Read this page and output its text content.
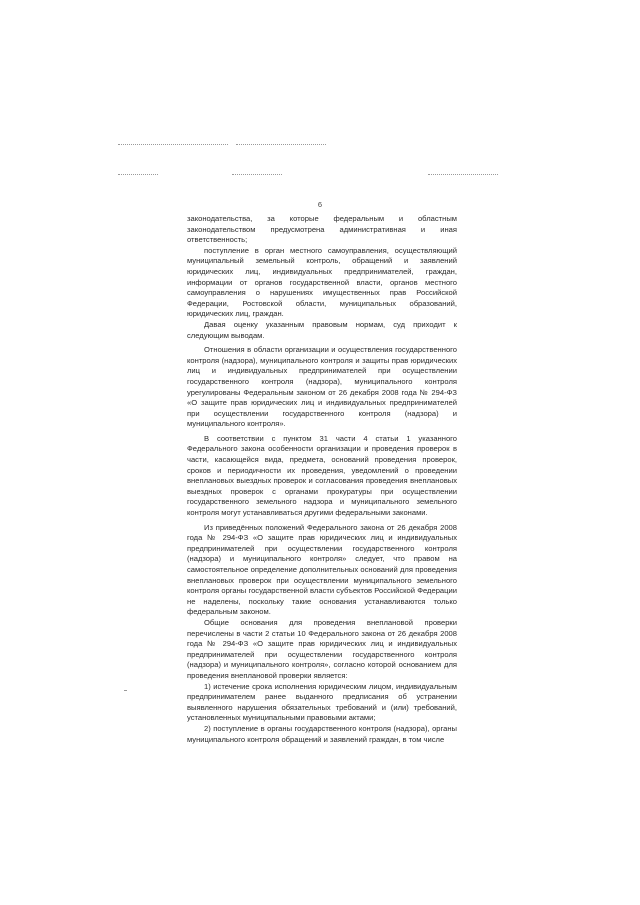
6

законодательства, за которые федеральным и областным законодательством предусмотрена административная и иная ответственность;

поступление в орган местного самоуправления, осуществляющий муниципальный земельный контроль, обращений и заявлений юридических лиц, индивидуальных предпринимателей, граждан, информации от органов государственной власти, органов местного самоуправления о нарушениях имущественных прав Российской Федерации, Ростовской области, муниципальных образований, юридических лиц, граждан.

Давая оценку указанным правовым нормам, суд приходит к следующим выводам.

Отношения в области организации и осуществления государственного контроля (надзора), муниципального контроля и защиты прав юридических лиц и индивидуальных предпринимателей при осуществлении государственного контроля (надзора), муниципального контроля урегулированы Федеральным законом от 26 декабря 2008 года № 294-ФЗ «О защите прав юридических лиц и индивидуальных предпринимателей при осуществлении государственного контроля (надзора) и муниципального контроля».

В соответствии с пунктом 31 части 4 статьи 1 указанного Федерального закона особенности организации и проведения проверок в части, касающейся вида, предмета, оснований проведения проверок, сроков и периодичности их проведения, уведомлений о проведении внеплановых выездных проверок и согласования проведения внеплановых выездных проверок с органами прокуратуры при осуществлении государственного земельного надзора и муниципального земельного контроля могут устанавливаться другими федеральными законами.

Из приведённых положений Федерального закона от 26 декабря 2008 года № 294-ФЗ «О защите прав юридических лиц и индивидуальных предпринимателей при осуществлении государственного контроля (надзора) и муниципального контроля» следует, что правом на самостоятельное определение дополнительных оснований для проведения внеплановых проверок при осуществлении муниципального земельного контроля органы государственной власти субъектов Российской Федерации не наделены, поскольку такие основания устанавливаются только федеральным законом.

Общие основания для проведения внеплановой проверки перечислены в части 2 статьи 10 Федерального закона от 26 декабря 2008 года № 294-ФЗ «О защите прав юридических лиц и индивидуальных предпринимателей при осуществлении государственного контроля (надзора) и муниципального контроля», согласно которой основанием для проведения внеплановой проверки является:

1) истечение срока исполнения юридическим лицом, индивидуальным предпринимателем ранее выданного предписания об устранении выявленного нарушения обязательных требований и (или) требований, установленных муниципальными правовыми актами;

2) поступление в органы государственного контроля (надзора), органы муниципального контроля обращений и заявлений граждан, в том числе
